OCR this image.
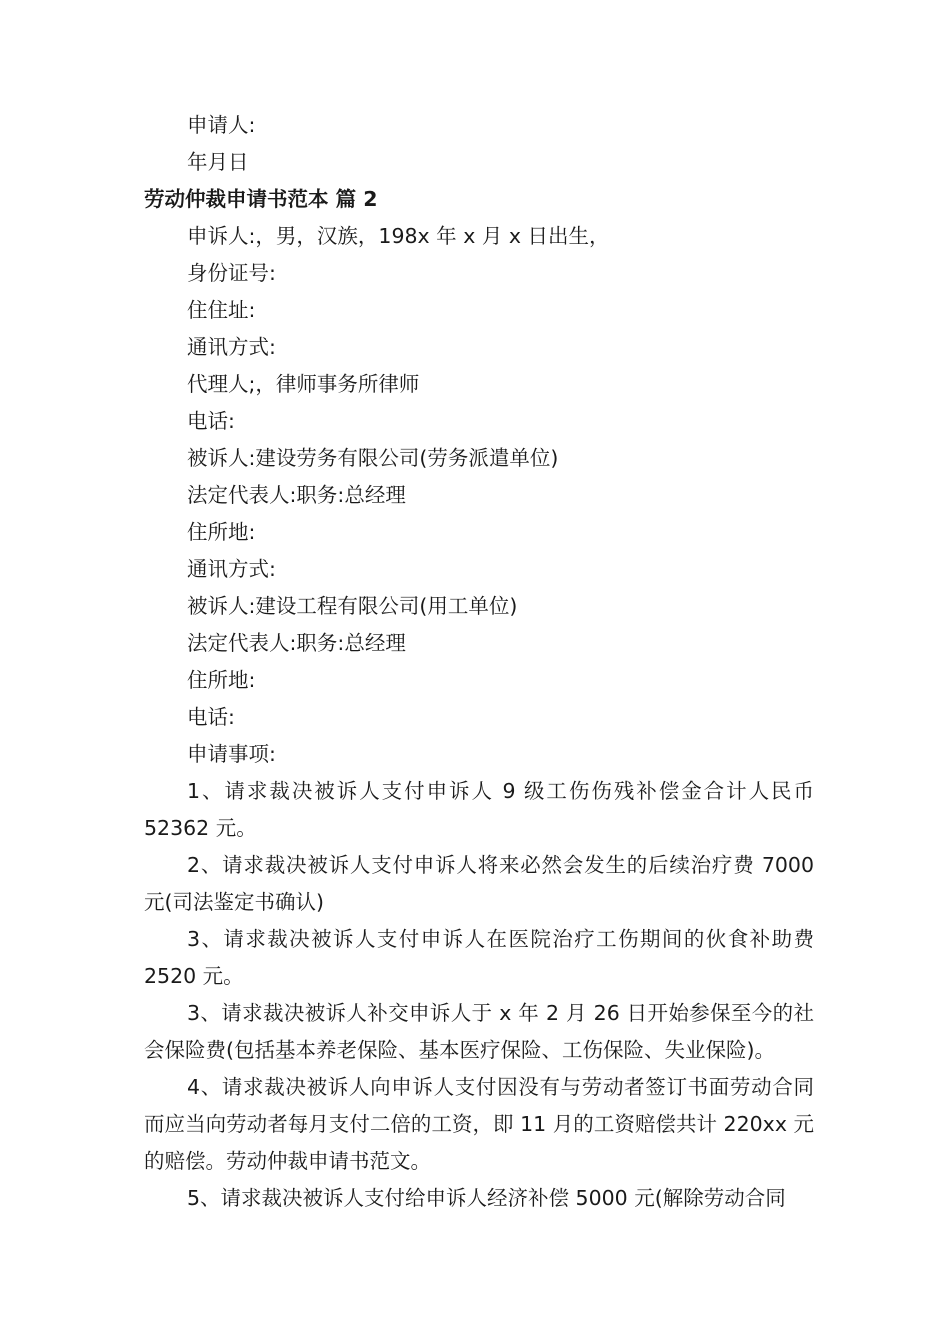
申请人:

年月日

劳动仲裁申请书范本 篇 2

申诉人:，男，汉族，198x 年 x 月 x 日出生，

身份证号:

住住址:

通讯方式:

代理人;，律师事务所律师

电话:

被诉人:建设劳务有限公司(劳务派遣单位)

法定代表人:职务:总经理

住所地:

通讯方式:

被诉人:建设工程有限公司(用工单位)

法定代表人:职务:总经理

住所地:

电话:

申请事项:

1、请求裁决被诉人支付申诉人 9 级工伤伤残补偿金合计人民币 52362 元。

2、请求裁决被诉人支付申诉人将来必然会发生的后续治疗费 7000 元(司法鉴定书确认)

3、请求裁决被诉人支付申诉人在医院治疗工伤期间的伙食补助费 2520 元。

3、请求裁决被诉人补交申诉人于 x 年 2 月 26 日开始参保至今的社会保险费(包括基本养老保险、基本医疗保险、工伤保险、失业保险)。

4、请求裁决被诉人向申诉人支付因没有与劳动者签订书面劳动合同而应当向劳动者每月支付二倍的工资，即 11 月的工资赔偿共计 220xx 元的赔偿。劳动仲裁申请书范文。

5、请求裁决被诉人支付给申诉人经济补偿 5000 元(解除劳动合同
